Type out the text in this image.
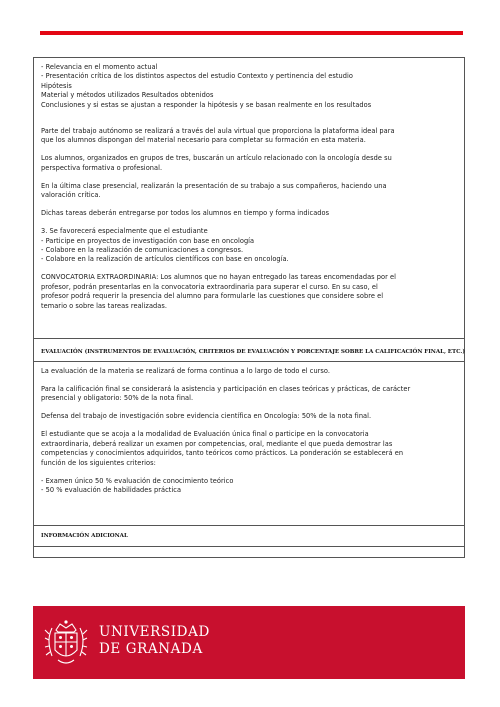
- Relevancia en el momento actual
- Presentación crítica de los distintos aspectos del estudio Contexto y pertinencia del estudio
Hipótesis
Material y métodos utilizados Resultados obtenidos
Conclusiones y si estas se ajustan a responder la hipótesis y se basan realmente en los resultados
Parte del trabajo autónomo se realizará a través del aula virtual que proporciona la plataforma ideal para
que los alumnos dispongan del material necesario para completar su formación en esta materia.
Los alumnos, organizados en grupos de tres, buscarán un artículo relacionado con la oncología desde su
perspectiva formativa o profesional.
En la última clase presencial, realizarán la presentación de su trabajo a sus compañeros, haciendo una
valoración crítica.
Dichas tareas deberán entregarse por todos los alumnos en tiempo y forma indicados
3. Se favorecerá especialmente que el estudiante
- Participe en proyectos de investigación con base en oncología
- Colabore en la realización de comunicaciones a congresos.
- Colabore en la realización de artículos científicos con base en oncología.
CONVOCATORIA EXTRAORDINARIA: Los alumnos que no hayan entregado las tareas encomendadas por el
profesor, podrán presentarlas en la convocatoria extraordinaria para superar el curso. En su caso, el
profesor podrá requerir la presencia del alumno para formularle las cuestiones que considere sobre el
temario o sobre las tareas realizadas.
EVALUACIÓN (INSTRUMENTOS DE EVALUACIÓN, CRITERIOS DE EVALUACIÓN Y PORCENTAJE SOBRE LA CALIFICACIÓN FINAL, ETC.)
La evaluación de la materia se realizará de forma continua a lo largo de todo el curso.
Para la calificación final se considerará la asistencia y participación en clases teóricas y prácticas, de carácter
presencial y obligatorio: 50% de la nota final.
Defensa del trabajo de investigación sobre evidencia científica en Oncología: 50% de la nota final.
El estudiante que se acoja a la modalidad de Evaluación única final o participe en la convocatoria
extraordinaria, deberá realizar un examen por competencias, oral, mediante el que pueda demostrar las
competencias y conocimientos adquiridos, tanto teóricos como prácticos. La ponderación se establecerá en
función de los siguientes criterios:
- Examen único 50 % evaluación de conocimiento teórico
- 50 % evaluación de habilidades práctica
INFORMACIÓN ADICIONAL
UNIVERSIDAD
DE GRANADA
